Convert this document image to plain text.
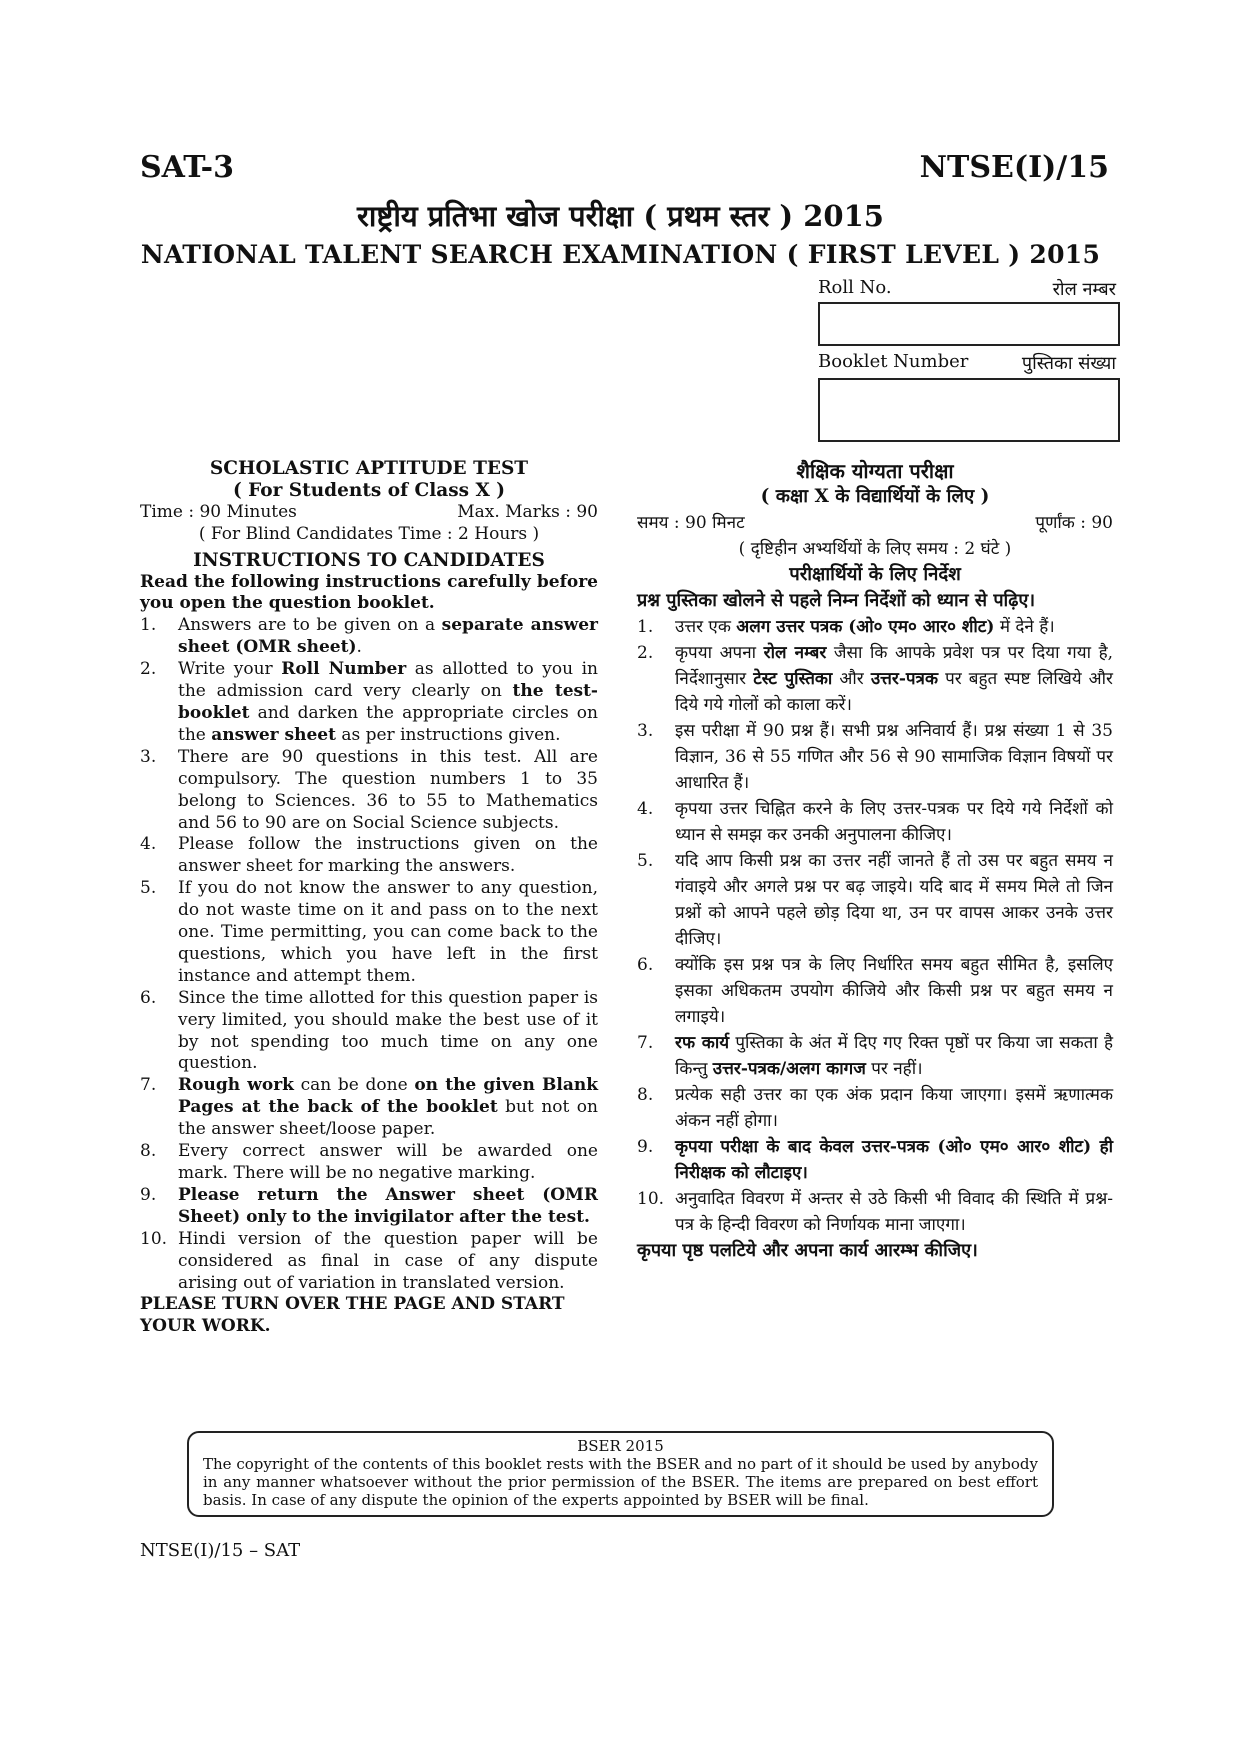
SAT-3	NTSE(I)/15
राष्ट्रीय प्रतिभा खोज परीक्षा ( प्रथम स्तर ) 2015
NATIONAL TALENT SEARCH EXAMINATION ( FIRST LEVEL ) 2015
Roll No.	रोल नम्बर
Booklet Number	पुस्तिका संख्या
SCHOLASTIC APTITUDE TEST
( For Students of Class X )
Time : 90 Minutes	Max. Marks : 90
( For Blind Candidates Time : 2 Hours )
INSTRUCTIONS TO CANDIDATES
Read the following instructions carefully before you open the question booklet.
1.	Answers are to be given on a separate answer sheet (OMR sheet).
2.	Write your Roll Number as allotted to you in the admission card very clearly on the test-booklet and darken the appropriate circles on the answer sheet as per instructions given.
3.	There are 90 questions in this test. All are compulsory. The question numbers 1 to 35 belong to Sciences. 36 to 55 to Mathematics and 56 to 90 are on Social Science subjects.
4.	Please follow the instructions given on the answer sheet for marking the answers.
5.	If you do not know the answer to any question, do not waste time on it and pass on to the next one. Time permitting, you can come back to the questions, which you have left in the first instance and attempt them.
6.	Since the time allotted for this question paper is very limited, you should make the best use of it by not spending too much time on any one question.
7.	Rough work can be done on the given Blank Pages at the back of the booklet but not on the answer sheet/loose paper.
8.	Every correct answer will be awarded one mark. There will be no negative marking.
9.	Please return the Answer sheet (OMR Sheet) only to the invigilator after the test.
10. Hindi version of the question paper will be considered as final in case of any dispute arising out of variation in translated version.
PLEASE TURN OVER THE PAGE AND START YOUR WORK.
शैक्षिक योग्यता परीक्षा
( कक्षा X के विद्यार्थियों के लिए )
समय : 90 मिनट	पूर्णांक : 90
( दृष्टिहीन अभ्यर्थियों के लिए समय : 2 घंटे )
परीक्षार्थियों के लिए निर्देश
प्रश्न पुस्तिका खोलने से पहले निम्न निर्देशों को ध्यान से पढ़िए।
1.	उत्तर एक अलग उत्तर पत्रक (ओ० एम० आर० शीट) में देने हैं।
2.	कृपया अपना रोल नम्बर जैसा कि आपके प्रवेश पत्र पर दिया गया है, निर्देशानुसार टेस्ट पुस्तिका और उत्तर-पत्रक पर बहुत स्पष्ट लिखिये और दिये गये गोलों को काला करें।
3.	इस परीक्षा में 90 प्रश्न हैं। सभी प्रश्न अनिवार्य हैं। प्रश्न संख्या 1 से 35 विज्ञान, 36 से 55 गणित और 56 से 90 सामाजिक विज्ञान विषयों पर आधारित हैं।
4.	कृपया उत्तर चिह्नित करने के लिए उत्तर-पत्रक पर दिये गये निर्देशों को ध्यान से समझ कर उनकी अनुपालना कीजिए।
5.	यदि आप किसी प्रश्न का उत्तर नहीं जानते हैं तो उस पर बहुत समय न गंवाइये और अगले प्रश्न पर बढ़ जाइये। यदि बाद में समय मिले तो जिन प्रश्नों को आपने पहले छोड़ दिया था, उन पर वापस आकर उनके उत्तर दीजिए।
6.	क्योंकि इस प्रश्न पत्र के लिए निर्धारित समय बहुत सीमित है, इसलिए इसका अधिकतम उपयोग कीजिये और किसी प्रश्न पर बहुत समय न लगाइये।
7.	रफ कार्य पुस्तिका के अंत में दिए गए रिक्त पृष्ठों पर किया जा सकता है किन्तु उत्तर-पत्रक/अलग कागज पर नहीं।
8.	प्रत्येक सही उत्तर का एक अंक प्रदान किया जाएगा। इसमें ऋणात्मक अंकन नहीं होगा।
9.	कृपया परीक्षा के बाद केवल उत्तर-पत्रक (ओ० एम० आर० शीट) ही निरीक्षक को लौटाइए।
10. अनुवादित विवरण में अन्तर से उठे किसी भी विवाद की स्थिति में प्रश्न-पत्र के हिन्दी विवरण को निर्णायक माना जाएगा।
कृपया पृष्ठ पलटिये और अपना कार्य आरम्भ कीजिए।
BSER 2015
The copyright of the contents of this booklet rests with the BSER and no part of it should be used by anybody in any manner whatsoever without the prior permission of the BSER. The items are prepared on best effort basis. In case of any dispute the opinion of the experts appointed by BSER will be final.
NTSE(I)/15 – SAT
